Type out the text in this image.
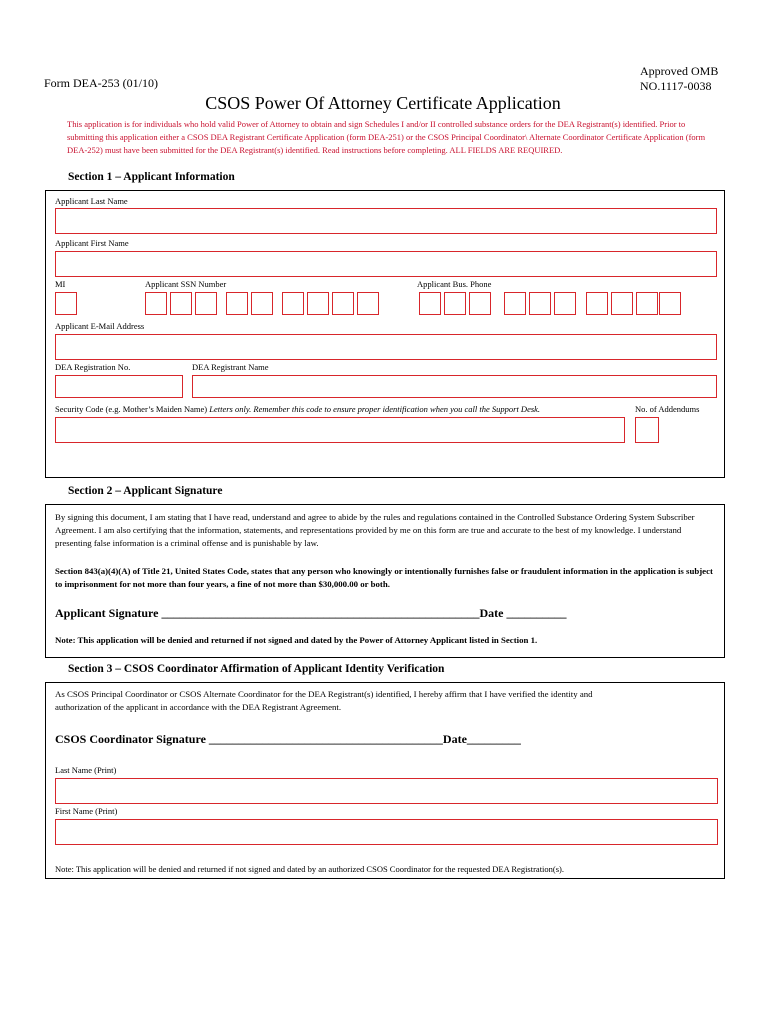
Form DEA-253 (01/10)
Approved OMB
NO.1117-0038
CSOS Power Of Attorney Certificate Application
This application is for individuals who hold valid Power of Attorney to obtain and sign Schedules I and/or II controlled substance orders for the DEA Registrant(s) identified. Prior to submitting this application either a CSOS DEA Registrant Certificate Application (form DEA-251) or the CSOS Principal Coordinator\ Alternate Coordinator Certificate Application (form DEA-252) must have been submitted for the DEA Registrant(s) identified. Read instructions before completing. ALL FIELDS ARE REQUIRED.
Section 1 – Applicant Information
Applicant Last Name
Applicant First Name
MI	Applicant SSN Number	Applicant Bus. Phone
Applicant E-Mail Address
DEA Registration No.	DEA Registrant Name
Security Code (e.g. Mother’s Maiden Name) Letters only. Remember this code to ensure proper identification when you call the Support Desk.	No. of Addendums
Section 2 – Applicant Signature
By signing this document, I am stating that I have read, understand and agree to abide by the rules and regulations contained in the Controlled Substance Ordering System Subscriber Agreement. I am also certifying that the information, statements, and representations provided by me on this form are true and accurate to the best of my knowledge. I understand presenting false information is a criminal offense and is punishable by law.
Section 843(a)(4)(A) of Title 21, United States Code, states that any person who knowingly or intentionally furnishes false or fraudulent information in the application is subject to imprisonment for not more than four years, a fine of not more than $30,000.00 or both.
Applicant Signature _____________________________________________________Date __________
Note: This application will be denied and returned if not signed and dated by the Power of Attorney Applicant listed in Section 1.
Section 3 – CSOS Coordinator Affirmation of Applicant Identity Verification
As CSOS Principal Coordinator or CSOS Alternate Coordinator for the DEA Registrant(s) identified, I hereby affirm that I have verified the identity and authorization of the applicant in accordance with the DEA Registrant Agreement.
CSOS Coordinator Signature _______________________________________Date_________
Last Name (Print)
First Name (Print)
Note: This application will be denied and returned if not signed and dated by an authorized CSOS Coordinator for the requested DEA Registration(s).
